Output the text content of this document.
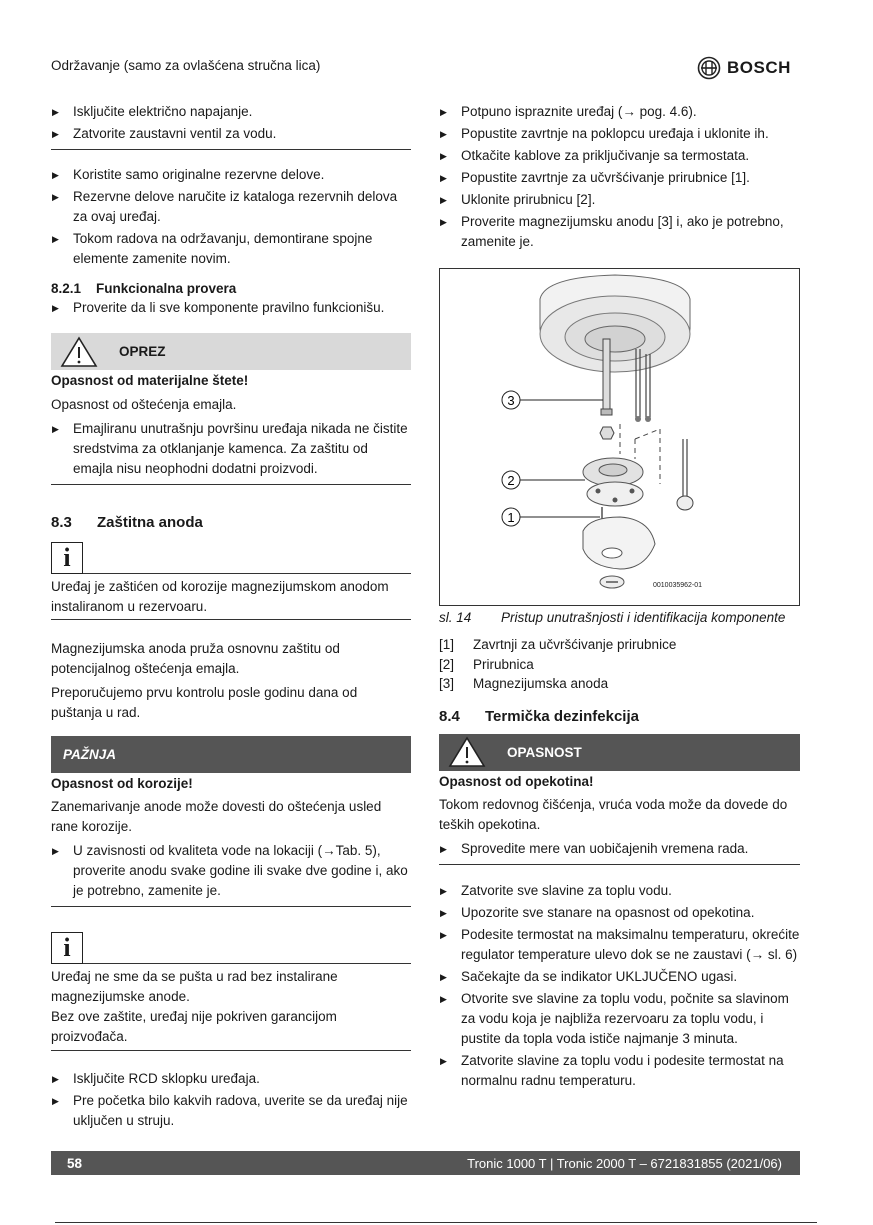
Održavanje (samo za ovlašćena stručna lica)	BOSCH
▶ Isključite električno napajanje.
▶ Zatvorite zaustavni ventil za vodu.
▶ Koristite samo originalne rezervne delove.
▶ Rezervne delove naručite iz kataloga rezervnih delova za ovaj uređaj.
▶ Tokom radova na održavanju, demontirane spojne elemente zamenite novim.
8.2.1 Funkcionalna provera
▶ Proverite da li sve komponente pravilno funkcionišu.
OPREZ

Opasnost od materijalne štete!

Opasnost od oštećenja emajla.

▶ Emajliranu unutrašnju površinu uređaja nikada ne čistite sredstvima za otklanjanje kamenca. Za zaštitu od emajla nisu neophodni dodatni proizvodi.
8.3 Zaštitna anoda
i

Uređaj je zaštićen od korozije magnezijumskom anodom instaliranom u rezervoaru.

Magnezijumska anoda pruža osnovnu zaštitu od potencijalnog oštećenja emajla.

Preporučujemo prvu kontrolu posle godinu dana od puštanja u rad.

PAŽNJA

Opasnost od korozije!

Zanemarivanje anode može dovesti do oštećenja usled rane korozije.

▶ U zavisnosti od kvaliteta vode na lokaciji (→Tab. 5), proverite anodu svake godine ili svake dve godine i, ako je potrebno, zamenite je.
i

Uređaj ne sme da se pušta u rad bez instalirane magnezijumske anode.

Bez ove zaštite, uređaj nije pokriven garancijom proizvođača.

▶ Isključite RCD sklopku uređaja.
▶ Pre početka bilo kakvih radova, uverite se da uređaj nije uključen u struju.
▶ Potpuno ispraznite uređaj (→ pog. 4.6).
▶ Popustite zavrtnje na poklopcu uređaja i uklonite ih.
▶ Otkačite kablove za priključivanje sa termostata.
▶ Popustite zavrtnje za učvršćivanje prirubnice [1].
▶ Uklonite prirubnicu [2].
▶ Proverite magnezijumsku anodu [3] i, ako je potrebno, zamenite je.
3
2
1
0010035962-01
sl. 14	Pristup unutrašnjosti i identifikacija komponente
[1]	Zavrtnji za učvršćivanje prirubnice
[2]	Prirubnica
[3]	Magnezijumska anoda
8.4 Termička dezinfekcija
OPASNOST

Opasnost od opekotina!

Tokom redovnog čišćenja, vruća voda može da dovede do teških opekotina.

▶ Sprovedite mere van uobičajenih vremena rada.
▶ Zatvorite sve slavine za toplu vodu.
▶ Upozorite sve stanare na opasnost od opekotina.
▶ Podesite termostat na maksimalnu temperaturu, okrećite regulator temperature ulevo dok se ne zaustavi (→ sl. 6)
▶ Sačekajte da se indikator UKLJUČENO ugasi.
▶ Otvorite sve slavine za toplu vodu, počnite sa slavinom za vodu koja je najbliža rezervoaru za toplu vodu, i pustite da topla voda ističe najmanje 3 minuta.
▶ Zatvorite slavine za toplu vodu i podesite termostat na normalnu radnu temperaturu.
58	Tronic 1000 T | Tronic 2000 T – 6721831855 (2021/06)
